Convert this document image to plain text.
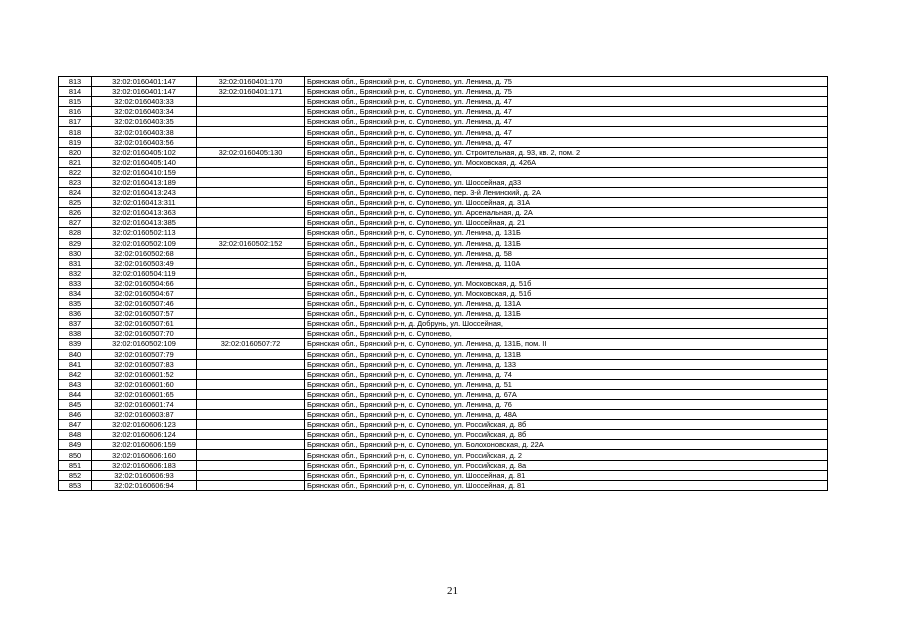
813	32:02:0160401:147	32:02:0160401:170	Брянская обл., Брянский р-н, с. Супонево, ул. Ленина, д. 75
814	32:02:0160401:147	32:02:0160401:171	Брянская обл., Брянский р-н, с. Супонево, ул. Ленина, д. 75
815	32:02:0160403:33		Брянская обл., Брянский р-н, с. Супонево, ул. Ленина, д. 47
816	32:02:0160403:34		Брянская обл., Брянский р-н, с. Супонево, ул. Ленина, д. 47
817	32:02:0160403:35		Брянская обл., Брянский р-н, с. Супонево, ул. Ленина, д. 47
818	32:02:0160403:38		Брянская обл., Брянский р-н, с. Супонево, ул. Ленина, д. 47
819	32:02:0160403:56		Брянская обл., Брянский р-н, с. Супонево, ул. Ленина, д. 47
820	32:02:0160405:102	32:02:0160405:130	Брянская обл., Брянский р-н, с. Супонево, ул. Строительная, д. 93, кв. 2, пом. 2
821	32:02:0160405:140		Брянская обл., Брянский р-н, с. Супонево, ул. Московская, д. 426А
822	32:02:0160410:159		Брянская обл., Брянский р-н, с. Супонево,
823	32:02:0160413:189		Брянская обл., Брянский р-н, с. Супонево, ул. Шоссейная, д33
824	32:02:0160413:243		Брянская обл., Брянский р-н, с. Супонево, пер. 3-й Ленинский, д. 2А
825	32:02:0160413:311		Брянская обл., Брянский р-н, с. Супонево, ул. Шоссейная, д. 31А
826	32:02:0160413:363		Брянская обл., Брянский р-н, с. Супонево, ул. Арсенальная, д. 2А
827	32:02:0160413:385		Брянская обл., Брянский р-н, с. Супонево, ул. Шоссейная, д. 21
828	32:02:0160502:113		Брянская обл., Брянский р-н, с. Супонево, ул. Ленина, д. 131Б
829	32:02:0160502:109	32:02:0160502:152	Брянская обл., Брянский р-н, с. Супонево, ул. Ленина, д. 131Б
830	32:02:0160502:68		Брянская обл., Брянский р-н, с. Супонево, ул. Ленина, д. 58
831	32:02:0160503:49		Брянская обл., Брянский р-н, с. Супонево, ул. Ленина, д. 110А
832	32:02:0160504:119		Брянская обл., Брянский р-н,
833	32:02:0160504:66		Брянская обл., Брянский р-н, с. Супонево, ул. Московская, д. 51б
834	32:02:0160504:67		Брянская обл., Брянский р-н, с. Супонево, ул. Московская, д. 51б
835	32:02:0160507:46		Брянская обл., Брянский р-н, с. Супонево, ул. Ленина, д. 131А
836	32:02:0160507:57		Брянская обл., Брянский р-н, с. Супонево, ул. Ленина, д. 131Б
837	32:02:0160507:61		Брянская обл., Брянский р-н, д. Добрунь, ул. Шоссейная,
838	32:02:0160507:70		Брянская обл., Брянский р-н, с. Супонево,
839	32:02:0160502:109	32:02:0160507:72	Брянская обл., Брянский р-н, с. Супонево, ул. Ленина, д. 131Б, пом. II
840	32:02:0160507:79		Брянская обл., Брянский р-н, с. Супонево, ул. Ленина, д. 131В
841	32:02:0160507:83		Брянская обл., Брянский р-н, с. Супонево, ул. Ленина, д. 133
842	32:02:0160601:52		Брянская обл., Брянский р-н, с. Супонево, ул. Ленина, д. 74
843	32:02:0160601:60		Брянская обл., Брянский р-н, с. Супонево, ул. Ленина, д. 51
844	32:02:0160601:65		Брянская обл., Брянский р-н, с. Супонево, ул. Ленина, д. 67А
845	32:02:0160601:74		Брянская обл., Брянский р-н, с. Супонево, ул. Ленина, д. 76
846	32:02:0160603:87		Брянская обл., Брянский р-н, с. Супонево, ул. Ленина, д. 48А
847	32:02:0160606:123		Брянская обл., Брянский р-н, с. Супонево, ул. Российская, д. 8б
848	32:02:0160606:124		Брянская обл., Брянский р-н, с. Супонево, ул. Российская, д. 8б
849	32:02:0160606:159		Брянская обл., Брянский р-н, с. Супонево, ул. Болохоновская, д. 22А
850	32:02:0160606:160		Брянская обл., Брянский р-н, с. Супонево, ул. Российская, д. 2
851	32:02:0160606:183		Брянская обл., Брянский р-н, с. Супонево, ул. Российская, д. 8а
852	32:02:0160606:93		Брянская обл., Брянский р-н, с. Супонево, ул. Шоссейная, д. 81
853	32:02:0160606:94		Брянская обл., Брянский р-н, с. Супонево, ул. Шоссейная, д. 81
21
